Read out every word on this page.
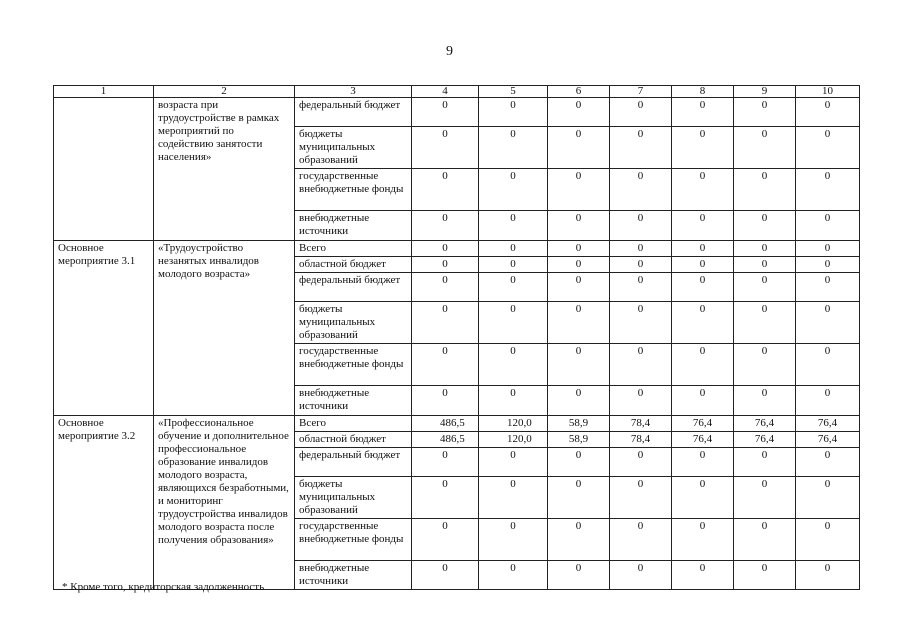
9
1	2	3	4	5	6	7	8	9	10
	возраста при трудоустройстве в рамках мероприятий по содействию занятости населения»	федеральный бюджет	0	0	0	0	0	0	0
		бюджеты муниципальных образований	0	0	0	0	0	0	0
		государственные внебюджетные фонды	0	0	0	0	0	0	0
		внебюджетные источники	0	0	0	0	0	0	0
Основное мероприятие 3.1	«Трудоустройство незанятых инвалидов молодого возраста»	Всего	0	0	0	0	0	0	0
		областной бюджет	0	0	0	0	0	0	0
		федеральный бюджет	0	0	0	0	0	0	0
		бюджеты муниципальных образований	0	0	0	0	0	0	0
		государственные внебюджетные фонды	0	0	0	0	0	0	0
		внебюджетные источники	0	0	0	0	0	0	0
Основное мероприятие 3.2	«Профессиональное обучение и дополнительное профессиональное образование инвалидов молодого возраста, являющихся безработными, и мониторинг трудоустройства инвалидов молодого возраста после получения образования»	Всего	486,5	120,0	58,9	78,4	76,4	76,4	76,4
		областной бюджет	486,5	120,0	58,9	78,4	76,4	76,4	76,4
		федеральный бюджет	0	0	0	0	0	0	0
		бюджеты муниципальных образований	0	0	0	0	0	0	0
		государственные внебюджетные фонды	0	0	0	0	0	0	0
		внебюджетные источники	0	0	0	0	0	0	0
* Кроме того, кредиторская задолженность
